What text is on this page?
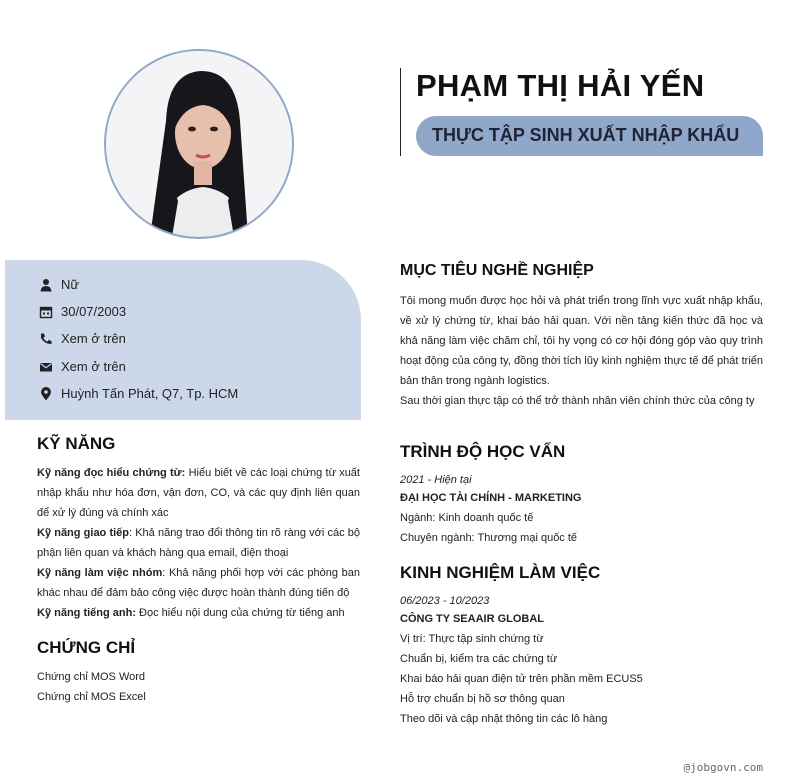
PHẠM THỊ HẢI YẾN
THỰC TẬP SINH XUẤT NHẬP KHẨU
Nữ
30/07/2003
Xem ở trên
Xem ở trên
Huỳnh Tấn Phát, Q7, Tp. HCM
KỸ NĂNG
Kỹ năng đọc hiểu chứng từ: Hiểu biết về các loại chứng từ xuất nhập khẩu như hóa đơn, vận đơn, CO, và các quy định liên quan để xử lý đúng và chính xác
Kỹ năng giao tiếp: Khả năng trao đổi thông tin rõ ràng với các bộ phận liên quan và khách hàng qua email, điện thoại
Kỹ năng làm việc nhóm: Khả năng phối hợp với các phòng ban khác nhau để đảm bảo công việc được hoàn thành đúng tiến độ
Kỹ năng tiếng anh: Đọc hiểu nội dung của chứng từ tiếng anh
CHỨNG CHỈ
Chứng chỉ MOS Word
Chứng chỉ MOS Excel
MỤC TIÊU NGHỀ NGHIỆP
Tôi mong muốn được học hỏi và phát triển trong lĩnh vực xuất nhập khẩu, về xử lý chứng từ, khai báo hải quan. Với nền tảng kiến thức đã học và khả năng làm việc chăm chỉ, tôi hy vọng có cơ hội đóng góp vào quy trình hoạt động của công ty, đồng thời tích lũy kinh nghiệm thực tế để phát triển bản thân trong ngành logistics.
Sau thời gian thực tập có thể trở thành nhân viên chính thức của công ty
TRÌNH ĐỘ HỌC VẤN
2021 - Hiện tại
ĐẠI HỌC TÀI CHÍNH - MARKETING
Ngành: Kinh doanh quốc tế
Chuyên ngành: Thương mại quốc tế
KINH NGHIỆM LÀM VIỆC
06/2023 - 10/2023
CÔNG TY SEAAIR GLOBAL
Vị trí: Thực tập sinh chứng từ
Chuẩn bị, kiểm tra các chứng từ
Khai báo hải quan điện tử trên phần mềm ECUS5
Hỗ trợ chuẩn bị hồ sơ thông quan
Theo dõi và cập nhật thông tin các lô hàng
@jobgovn.com
